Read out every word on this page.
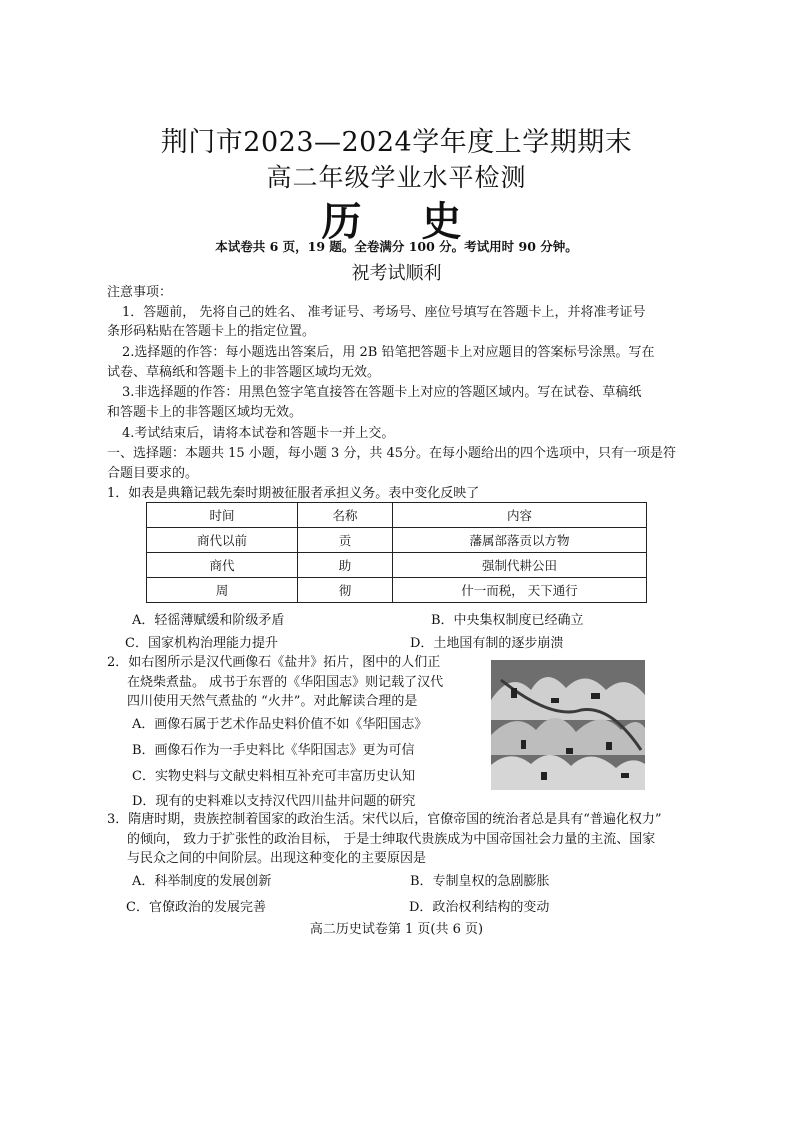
荆门市2023—2024学年度上学期期末
高二年级学业水平检测
历　史
本试卷共 6 页，19 题。全卷满分 100 分。考试用时 90 分钟。
祝考试顺利
注意事项：
1．答题前， 先将自己的姓名、 准考证号、考场号、座位号填写在答题卡上，并将准考证号
条形码粘贴在答题卡上的指定位置。
2.选择题的作答：每小题选出答案后，用 2B 铅笔把答题卡上对应题目的答案标号涂黑。写在
试卷、草稿纸和答题卡上的非答题区域均无效。
3.非选择题的作答：用黑色签字笔直接答在答题卡上对应的答题区域内。写在试卷、草稿纸
和答题卡上的非答题区域均无效。
4.考试结束后，请将本试卷和答题卡一并上交。
一、选择题：本题共 15 小题，每小题 3 分，共 45分。在每小题给出的四个选项中，只有一项是符
合题目要求的。
1．如表是典籍记载先秦时期被征服者承担义务。表中变化反映了
时间	名称	内容
商代以前	贡	藩属部落贡以方物
商代	助	强制代耕公田
周	彻	什一而税， 天下通行
A．轻徭薄赋缓和阶级矛盾	B．中央集权制度已经确立
C．国家机构治理能力提升	D．土地国有制的逐步崩溃
2．如右图所示是汉代画像石《盐井》拓片，图中的人们正
在烧柴煮盐。 成书于东晋的《华阳国志》则记载了汉代
四川使用天然气煮盐的 “火井”。对此解读合理的是
A．画像石属于艺术作品史料价值不如《华阳国志》
B．画像石作为一手史料比《华阳国志》更为可信
C．实物史料与文献史料相互补充可丰富历史认知
D．现有的史料难以支持汉代四川盐井问题的研究
3．隋唐时期，贵族控制着国家的政治生活。宋代以后，官僚帝国的统治者总是具有“普遍化权力”
的倾向， 致力于扩张性的政治目标， 于是士绅取代贵族成为中国帝国社会力量的主流、国家
与民众之间的中间阶层。出现这种变化的主要原因是
A．科举制度的发展创新	B．专制皇权的急剧膨胀
C．官僚政治的发展完善	D．政治权利结构的变动
高二历史试卷第 1 页(共 6 页)
